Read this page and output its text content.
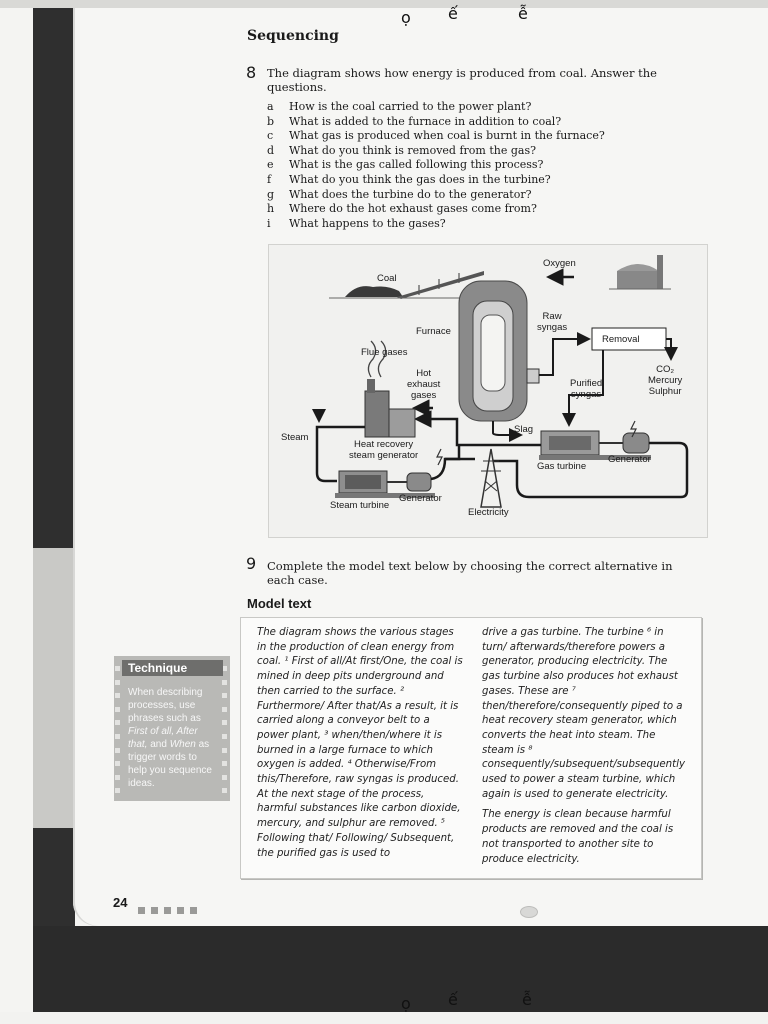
ọ ế	ễ
ọ ế	ễ
Sequencing
8 The diagram shows how energy is produced from coal. Answer the questions.
a How is the coal carried to the power plant?
b What is added to the furnace in addition to coal?
c What gas is produced when coal is burnt in the furnace?
d What do you think is removed from the gas?
e What is the gas called following this process?
f What do you think the gas does in the turbine?
g What does the turbine do to the generator?
h Where do the hot exhaust gases come from?
i What happens to the gases?
Coal
Oxygen
Furnace
Raw
syngas
Removal
CO₂
Mercury
Sulphur
Flue gases
Hot
exhaust
gases
Purified
syngas
Slag
Steam
Heat recovery
steam generator
Gas turbine
Generator
Generator
Steam turbine
Electricity
9 Complete the model text below by choosing the correct alternative in each case.
Model text

The diagram shows the various stages in the production of clean energy from coal. ¹ First of all/At first/One, the coal is mined in deep pits underground and then carried to the surface. ² Furthermore/ After that/As a result, it is carried along a conveyor belt to a power plant, ³ when/then/where it is burned in a large furnace to which oxygen is added. ⁴ Otherwise/From this/Therefore, raw syngas is produced. At the next stage of the process, harmful substances like carbon dioxide, mercury, and sulphur are removed. ⁵ Following that/ Following/ Subsequent, the purified gas is used to

drive a gas turbine. The turbine ⁶ in turn/ afterwards/therefore powers a generator, producing electricity. The gas turbine also produces hot exhaust gases. These are ⁷ then/therefore/consequently piped to a heat recovery steam generator, which converts the heat into steam. The steam is ⁸ consequently/subsequent/subsequently used to power a steam turbine, which again is used to generate electricity.

The energy is clean because harmful products are removed and the coal is not transported to another site to produce electricity.

Technique
When describing processes, use phrases such as First of all, After that, and When as trigger words to help you sequence ideas.
24
